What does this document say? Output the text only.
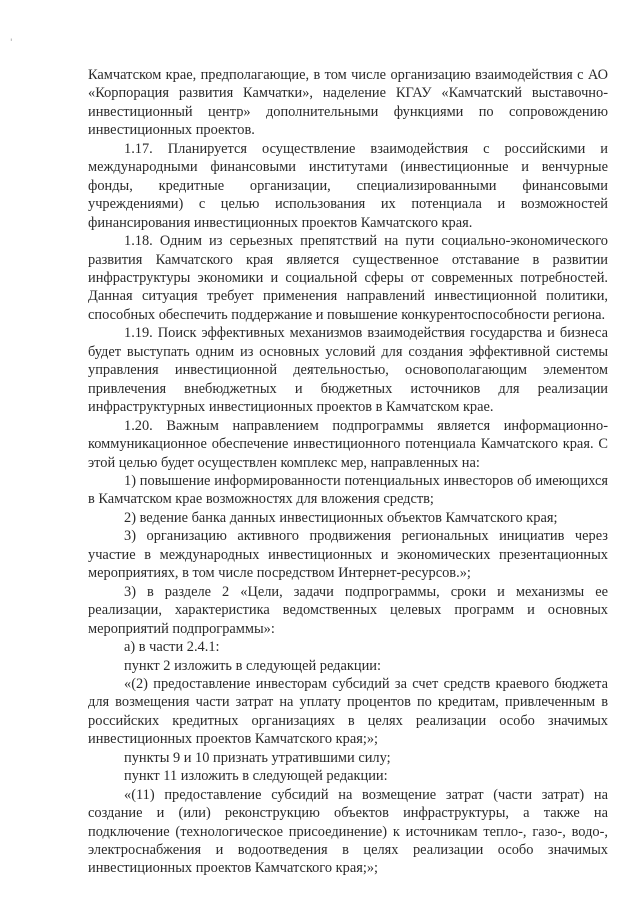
'

Камчатском крае, предполагающие, в том числе организацию взаимодействия с АО «Корпорация развития Камчатки», наделение КГАУ «Камчатский выставочно-инвестиционный центр» дополнительными функциями по сопровождению инвестиционных проектов.

1.17. Планируется осуществление взаимодействия с российскими и международными финансовыми институтами (инвестиционные и венчурные фонды, кредитные организации, специализированными финансовыми учреждениями) с целью использования их потенциала и возможностей финансирования инвестиционных проектов Камчатского края.

1.18. Одним из серьезных препятствий на пути социально-экономического развития Камчатского края является существенное отставание в развитии инфраструктуры экономики и социальной сферы от современных потребностей. Данная ситуация требует применения направлений инвестиционной политики, способных обеспечить поддержание и повышение конкурентоспособности региона.

1.19. Поиск эффективных механизмов взаимодействия государства и бизнеса будет выступать одним из основных условий для создания эффективной системы управления инвестиционной деятельностью, основополагающим элементом привлечения внебюджетных и бюджетных источников для реализации инфраструктурных инвестиционных проектов в Камчатском крае.

1.20. Важным направлением подпрограммы является информационно-коммуникационное обеспечение инвестиционного потенциала Камчатского края. С этой целью будет осуществлен комплекс мер, направленных на:

1) повышение информированности потенциальных инвесторов об имеющихся в Камчатском крае возможностях для вложения средств;

2) ведение банка данных инвестиционных объектов Камчатского края;

3) организацию активного продвижения региональных инициатив через участие в международных инвестиционных и экономических презентационных мероприятиях, в том числе посредством Интернет-ресурсов.»;

3) в разделе 2 «Цели, задачи подпрограммы, сроки и механизмы ее реализации, характеристика ведомственных целевых программ и основных мероприятий подпрограммы»:

а) в части 2.4.1:

пункт 2 изложить в следующей редакции:

«(2) предоставление инвесторам субсидий за счет средств краевого бюджета для возмещения части затрат на уплату процентов по кредитам, привлеченным в российских кредитных организациях в целях реализации особо значимых инвестиционных проектов Камчатского края;»;

пункты 9 и 10 признать утратившими силу;

пункт 11 изложить в следующей редакции:

«(11) предоставление субсидий на возмещение затрат (части затрат) на создание и (или) реконструкцию объектов инфраструктуры, а также на подключение (технологическое присоединение) к источникам тепло-, газо-, водо-, электроснабжения и водоотведения в целях реализации особо значимых инвестиционных проектов Камчатского края;»;
